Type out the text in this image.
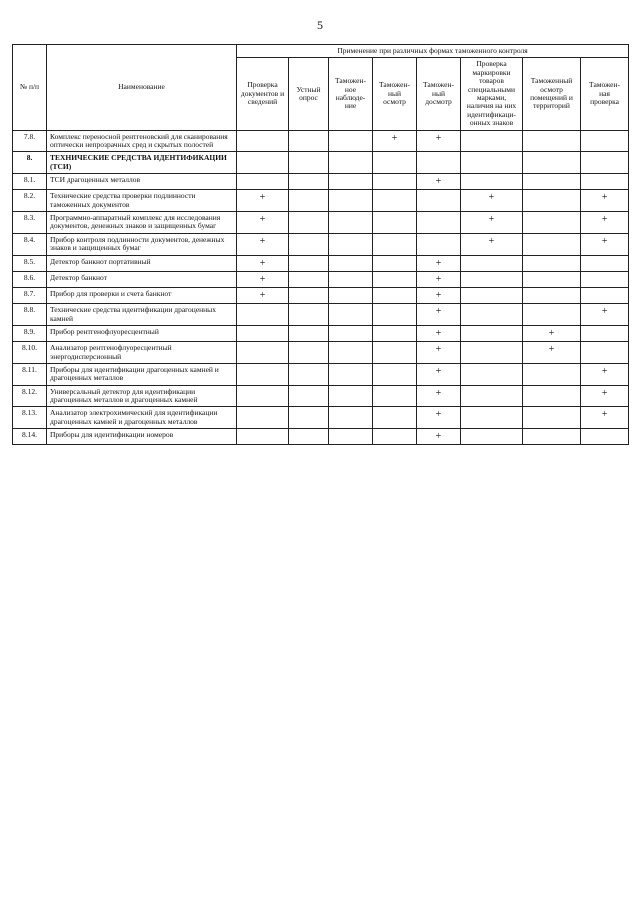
5
№ п/п	Наименование	Применение при различных формах таможенного контроля							
		Проверка документов и сведений	Устный опрос	Таможен-ное наблюде-ние	Таможен-ный осмотр	Таможен-ный досмотр	Проверка маркировки товаров специальными марками, наличия на них идентификаци-онных знаков	Таможенный осмотр помещений и территорий	Таможен-ная проверка
7.8.	Комплекс переносной рентгеновский для сканирования оптически непрозрачных сред и скрытых полостей				+	+			
8.	ТЕХНИЧЕСКИЕ СРЕДСТВА ИДЕНТИФИКАЦИИ (ТСИ)								
8.1.	ТСИ драгоценных металлов					+			
8.2.	Технические средства проверки подлинности таможенных документов	+					+		+
8.3.	Программно-аппаратный комплекс для исследования документов, денежных знаков и защищенных бумаг	+					+		+
8.4.	Прибор контроля подлинности документов, денежных знаков и защищенных бумаг	+					+		+
8.5.	Детектор банкнот портативный	+				+			
8.6.	Детектор банкнот	+				+			
8.7.	Прибор для проверки и счета банкнот	+				+			
8.8.	Технические средства идентификации драгоценных камней					+			+
8.9.	Прибор рентгенофлуоресцентный					+		+	
8.10.	Анализатор рентгенофлуоресцентный энергодисперсионный					+		+	
8.11.	Приборы для идентификации драгоценных камней и драгоценных металлов					+			+
8.12.	Универсальный детектор для идентификации драгоценных металлов и драгоценных камней					+			+
8.13.	Анализатор электрохимический для идентификации драгоценных камней и драгоценных металлов					+			+
8.14.	Приборы для идентификации номеров					+			
